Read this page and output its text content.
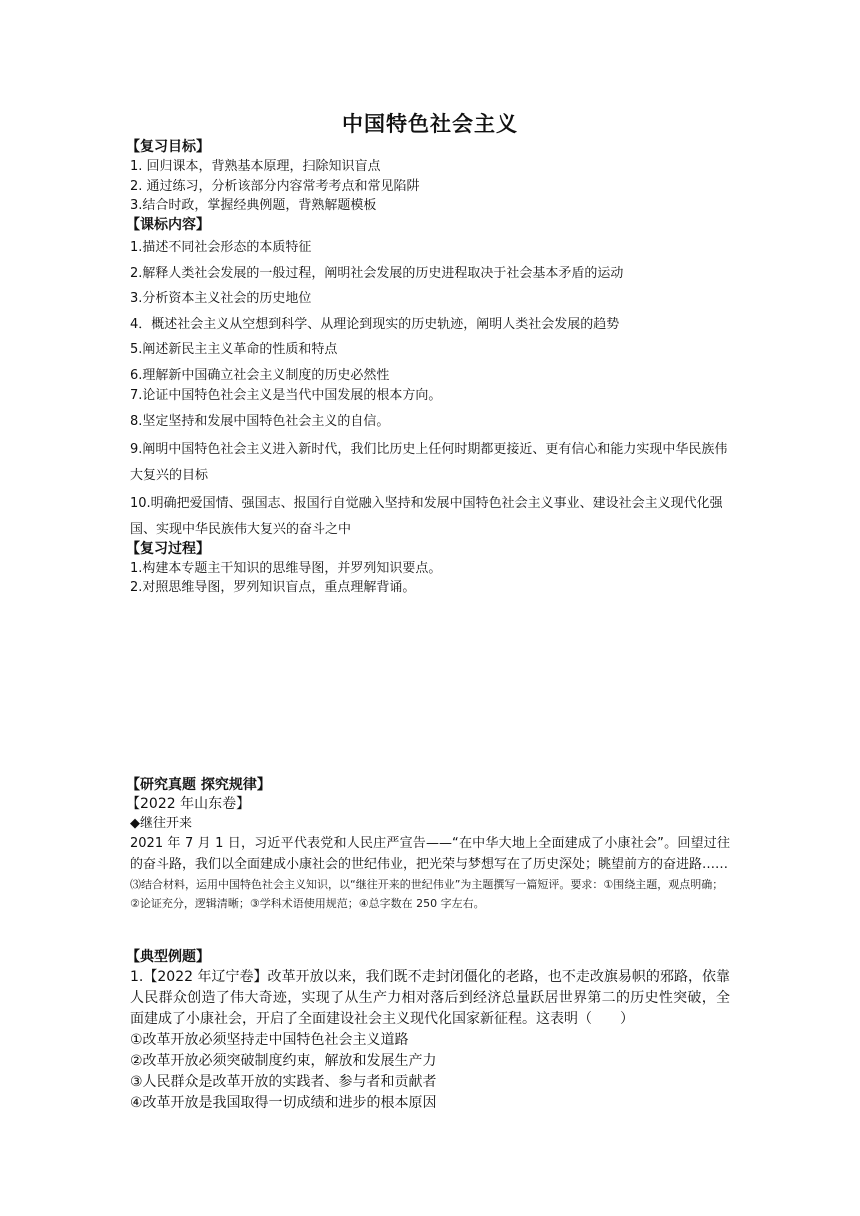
中国特色社会主义
【复习目标】
1. 回归课本，背熟基本原理，扫除知识盲点
2. 通过练习，分析该部分内容常考考点和常见陷阱
3.结合时政，掌握经典例题，背熟解题模板
【课标内容】
1.描述不同社会形态的本质特征
2.解释人类社会发展的一般过程，阐明社会发展的历史进程取决于社会基本矛盾的运动
3.分析资本主义社会的历史地位
4．概述社会主义从空想到科学、从理论到现实的历史轨迹，阐明人类社会发展的趋势
5.阐述新民主主义革命的性质和特点
6.理解新中国确立社会主义制度的历史必然性
7.论证中国特色社会主义是当代中国发展的根本方向。
8.坚定坚持和发展中国特色社会主义的自信。
9.阐明中国特色社会主义进入新时代，我们比历史上任何时期都更接近、更有信心和能力实现中华民族伟大复兴的目标
10.明确把爱国情、强国志、报国行自觉融入坚持和发展中国特色社会主义事业、建设社会主义现代化强国、实现中华民族伟大复兴的奋斗之中
【复习过程】
1.构建本专题主干知识的思维导图，并罗列知识要点。
2.对照思维导图，罗列知识盲点，重点理解背诵。
【研究真题 探究规律】
【2022 年山东卷】
◆继往开来
2021 年 7 月 1 日，习近平代表党和人民庄严宣告——“在中华大地上全面建成了小康社会”。回望过往的奋斗路，我们以全面建成小康社会的世纪伟业，把光荣与梦想写在了历史深处；眺望前方的奋进路……
⑶结合材料，运用中国特色社会主义知识，以“继往开来的世纪伟业”为主题撰写一篇短评。要求：①围绕主题，观点明确；②论证充分，逻辑清晰；③学科术语使用规范；④总字数在 250 字左右。
【典型例题】
1.【2022 年辽宁卷】改革开放以来，我们既不走封闭僵化的老路，也不走改旗易帜的邪路，依靠人民群众创造了伟大奇迹，实现了从生产力相对落后到经济总量跃居世界第二的历史性突破，全面建成了小康社会，开启了全面建设社会主义现代化国家新征程。这表明（　　）
①改革开放必须坚持走中国特色社会主义道路
②改革开放必须突破制度约束，解放和发展生产力
③人民群众是改革开放的实践者、参与者和贡献者
④改革开放是我国取得一切成绩和进步的根本原因
